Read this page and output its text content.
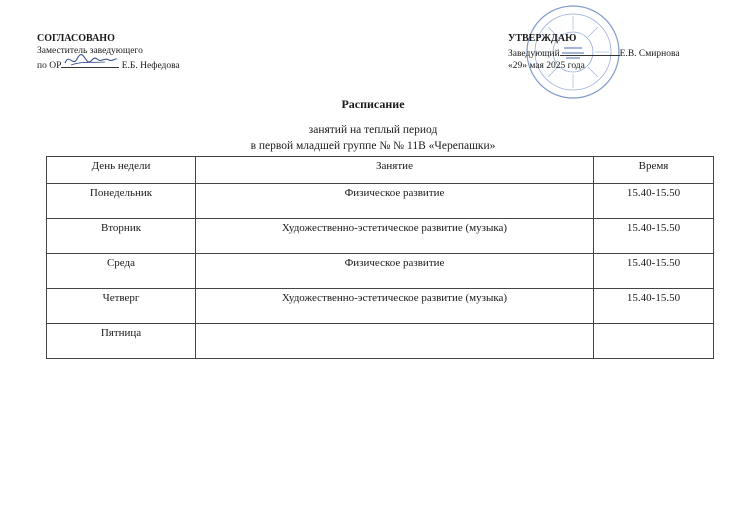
СОГЛАСОВАНО
Заместитель заведующего
по ОР	Е.Б. Нефедова
УТВЕРЖДАЮ
Заведующий	Е.В. Смирнова
«29» мая 2025 года
Расписание
занятий на теплый период
в первой младшей группе № № 11В «Черепашки»
День недели	Занятие	Время
Понедельник	Физическое развитие	15.40-15.50
Вторник	Художественно-эстетическое развитие (музыка)	15.40-15.50
Среда	Физическое развитие	15.40-15.50
Четверг	Художественно-эстетическое развитие (музыка)	15.40-15.50
Пятница		
